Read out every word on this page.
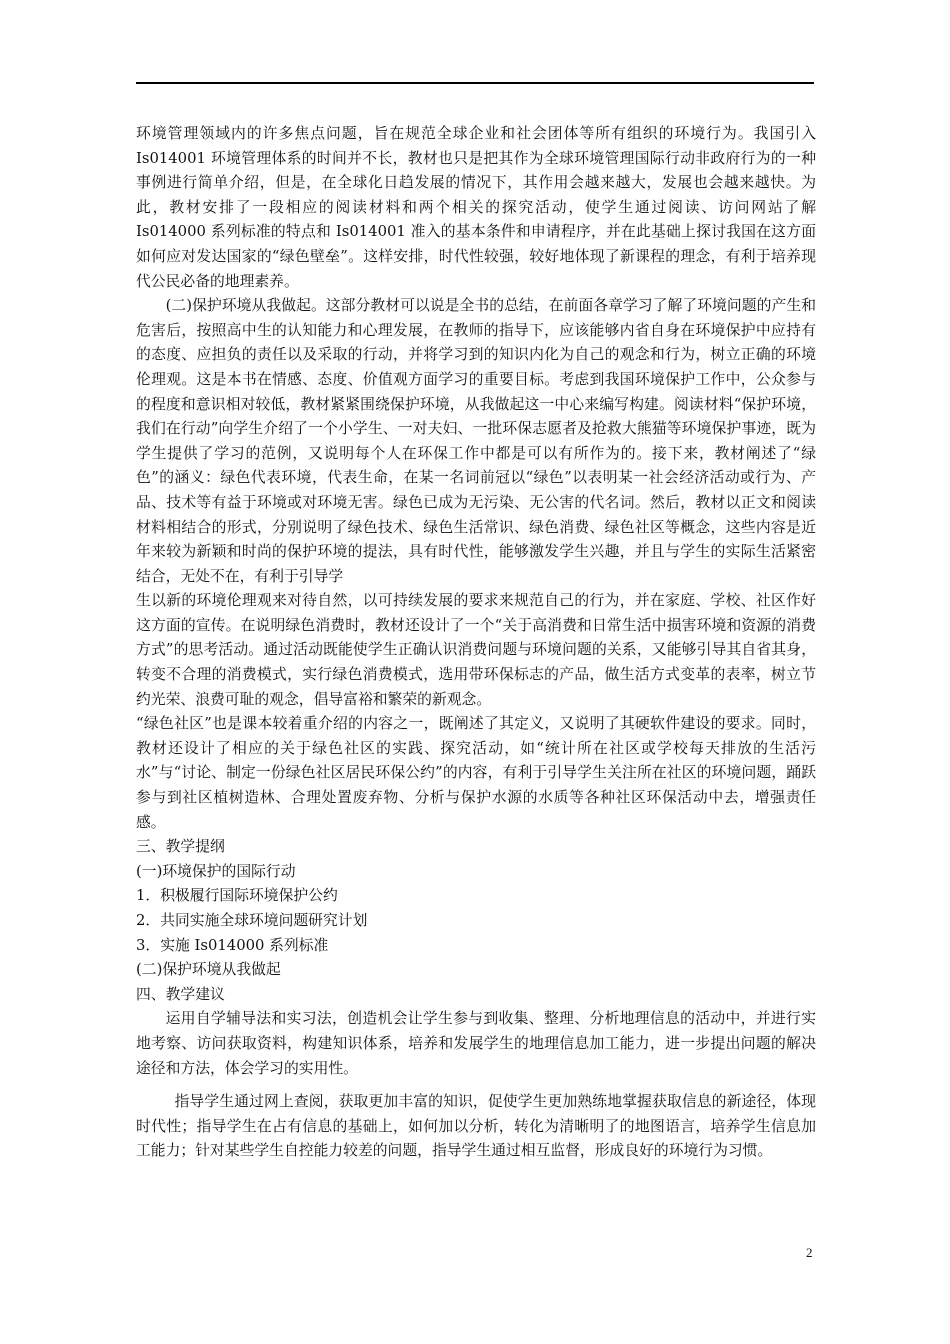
环境管理领域内的许多焦点问题，旨在规范全球企业和社会团体等所有组织的环境行为。我国引入 Is014001 环境管理体系的时间并不长，教材也只是把其作为全球环境管理国际行动非政府行为的一种事例进行简单介绍，但是，在全球化日趋发展的情况下，其作用会越来越大，发展也会越来越快。为此，教材安排了一段相应的阅读材料和两个相关的探究活动，使学生通过阅读、访问网站了解 Is014000 系列标准的特点和 Is014001 准入的基本条件和申请程序，并在此基础上探讨我国在这方面如何应对发达国家的“绿色壁垒”。这样安排，时代性较强，较好地体现了新课程的理念，有利于培养现代公民必备的地理素养。

(二)保护环境从我做起。这部分教材可以说是全书的总结，在前面各章学习了解了环境问题的产生和危害后，按照高中生的认知能力和心理发展，在教师的指导下，应该能够内省自身在环境保护中应持有的态度、应担负的责任以及采取的行动，并将学习到的知识内化为自己的观念和行为，树立正确的环境伦理观。这是本书在情感、态度、价值观方面学习的重要目标。考虑到我国环境保护工作中，公众参与的程度和意识相对较低，教材紧紧围绕保护环境，从我做起这一中心来编写构建。阅读材料“保护环境，我们在行动”向学生介绍了一个小学生、一对夫妇、一批环保志愿者及抢救大熊猫等环境保护事迹，既为学生提供了学习的范例，又说明每个人在环保工作中都是可以有所作为的。接下来，教材阐述了“绿色”的涵义：绿色代表环境，代表生命，在某一名词前冠以“绿色”以表明某一社会经济活动或行为、产品、技术等有益于环境或对环境无害。绿色已成为无污染、无公害的代名词。然后，教材以正文和阅读材料相结合的形式，分别说明了绿色技术、绿色生活常识、绿色消费、绿色社区等概念，这些内容是近年来较为新颖和时尚的保护环境的提法，具有时代性，能够激发学生兴趣，并且与学生的实际生活紧密结合，无处不在，有利于引导学

生以新的环境伦理观来对待自然，以可持续发展的要求来规范自己的行为，并在家庭、学校、社区作好这方面的宣传。在说明绿色消费时，教材还设计了一个“关于高消费和日常生活中损害环境和资源的消费方式”的思考活动。通过活动既能使学生正确认识消费问题与环境问题的关系，又能够引导其自省其身，转变不合理的消费模式，实行绿色消费模式，选用带环保标志的产品，做生活方式变革的表率，树立节约光荣、浪费可耻的观念，倡导富裕和繁荣的新观念。

“绿色社区”也是课本较着重介绍的内容之一，既阐述了其定义，又说明了其硬软件建设的要求。同时，教材还设计了相应的关于绿色社区的实践、探究活动，如“统计所在社区或学校每天排放的生活污水”与“讨论、制定一份绿色社区居民环保公约”的内容，有利于引导学生关注所在社区的环境问题，踊跃参与到社区植树造林、合理处置废弃物、分析与保护水源的水质等各种社区环保活动中去，增强责任感。

三、教学提纲

(一)环境保护的国际行动

1．积极履行国际环境保护公约

2．共同实施全球环境问题研究计划

3．实施 Is014000 系列标准

(二)保护环境从我做起

四、教学建议

运用自学辅导法和实习法，创造机会让学生参与到收集、整理、分析地理信息的活动中，并进行实地考察、访问获取资料，构建知识体系，培养和发展学生的地理信息加工能力，进一步提出问题的解决途径和方法，体会学习的实用性。

指导学生通过网上查阅，获取更加丰富的知识，促使学生更加熟练地掌握获取信息的新途径，体现时代性；指导学生在占有信息的基础上，如何加以分析，转化为清晰明了的地图语言，培养学生信息加工能力；针对某些学生自控能力较差的问题，指导学生通过相互监督，形成良好的环境行为习惯。

2
